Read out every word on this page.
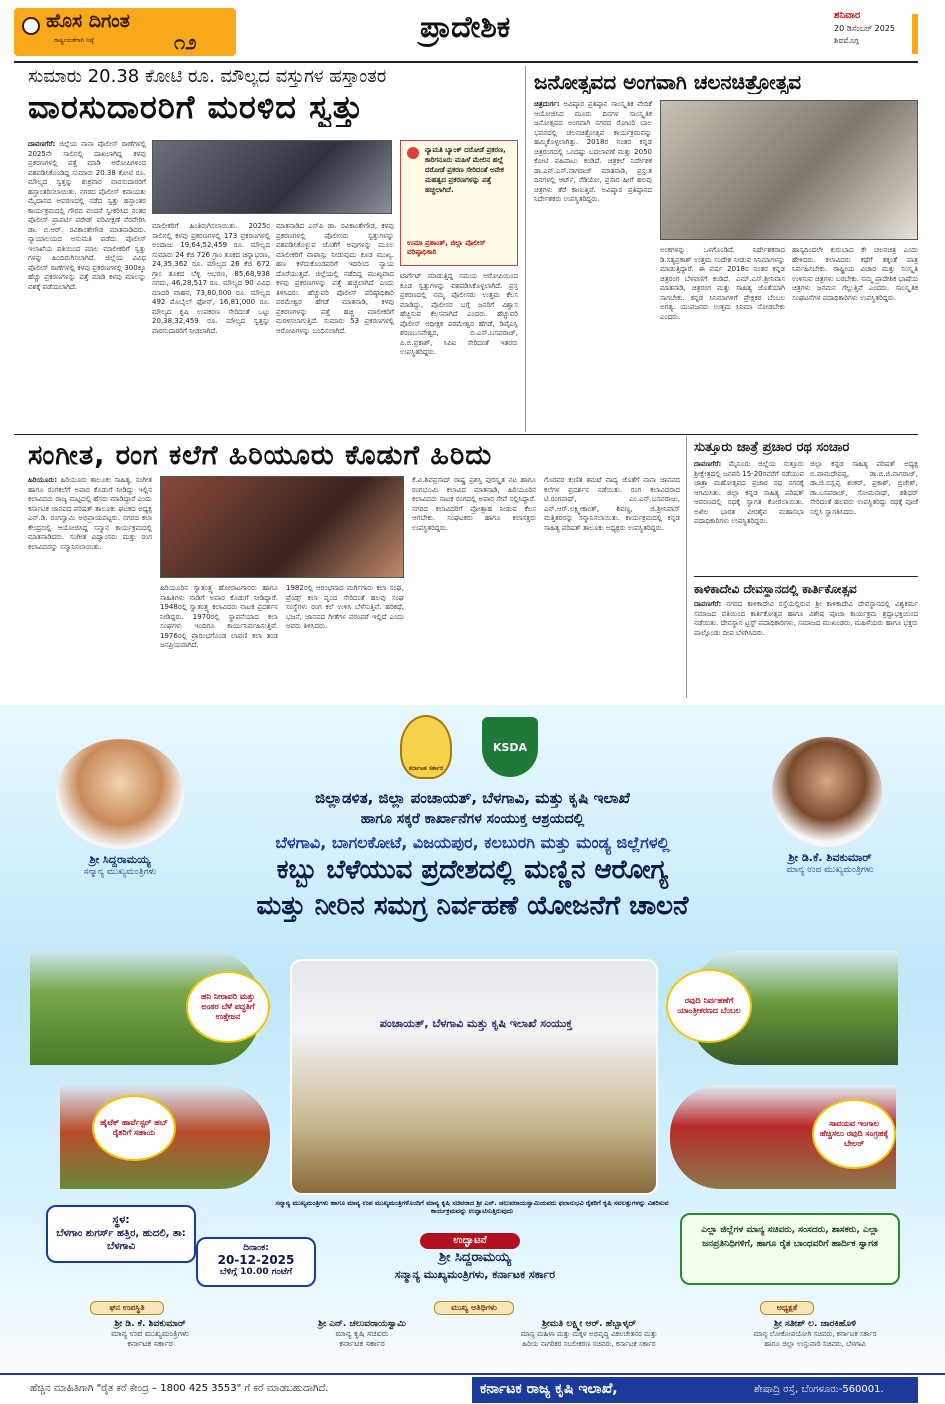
ಹೊಸ ದಿಗಂತ
ರಾಷ್ಟ್ರೀಯತೆಗಾಗಿ ನಿಷ್ಠೆ	೧೨	ಪ್ರಾದೇಶಿಕ	ಶನಿವಾರ
20 ಡಿಸೆಂಬರ್ 2025
ಶಿವಮೊಗ್ಗ
ಸುಮಾರು 20.38 ಕೋಟಿ ರೂ. ಮೌಲ್ಯದ ವಸ್ತುಗಳ ಹಸ್ತಾಂತರ
ವಾರಸುದಾರರಿಗೆ ಮರಳಿದ ಸ್ವತ್ತು
ದಾವಣಗೆರೆ: ಜಿಲ್ಲೆಯ ನಾನಾ ಪೊಲೀಸ್ ಠಾಣೆಗಳಲ್ಲಿ 2025ನೇ ಸಾಲಿನಲ್ಲಿ ದಾಖಲಾಗಿದ್ದ ಕಳವು ಪ್ರಕರಣಗಳಲ್ಲಿ ಪತ್ತೆ ಮಾಡಿ ಆರೋಪಿಗಳಿಂದ ವಶಪಡಿಸಿಕೊಂಡಿದ್ದ ಸುಮಾರು 20.38 ಕೋಟಿ ರೂ. ಮೌಲ್ಯದ ಸ್ವತ್ತನ್ನು ಶುಕ್ರವಾರ ವಾರಸುದಾರರಿಗೆ ಹಸ್ತಾಂತರಿಸಲಾಯಿತು. ನಗರದ ಪೊಲೀಸ್ ಕವಾಯತು ಮೈದಾನದ ಆವರಣದಲ್ಲಿ ನಡೆದ ಸ್ವತ್ತು ಹಸ್ತಾಂತರ ಕಾರ್ಯಕ್ರಮದಲ್ಲಿ ಗೌರವ ವಂದನೆ ಸ್ವೀಕರಿಸಿದ ನಂತರ ಪೊಲೀಸ್ ಪ್ರಾಪರ್ಟಿ ಪರೇಡ್ ಪರಿವೀಕ್ಷಣೆ ನೆರವೇರಿಸಿ ಡಾ. ಬಿ.ಆರ್. ರವಿಕಾಂತೇಗೌಡ ಮಾತನಾಡಿದರು. ನ್ಯಾಯಾಲಯದ ಅನುಮತಿ ಪಡೆದು ಪೊಲೀಸ್ ಇಲಾಖೆಯ ವತಿಯಿಂದ ಮಾಲ ಮಾಲೀಕರಿಗೆ ಸ್ವತ್ತು ಗಳನ್ನು ಹಿಂದಿರುಗಿಸಲಾಗಿದೆ. ಜಿಲ್ಲೆಯ ವಿವಿಧ ಪೊಲೀಸ್ ಠಾಣೆಗಳಲ್ಲಿ ಕಳವು ಪ್ರಕರಣಗಳಲ್ಲಿ 300ಕ್ಕೂ ಹೆಚ್ಚು ಪ್ರಕರಣಗಳನ್ನು ಪತ್ತೆ ಮಾಡಿ ಕಳವು ಮಾಲನ್ನು ವಶಕ್ಕೆ ಪಡೆಯಲಾಗಿದೆ.
ಮಾಲೀಕರಿಗೆ ಹಿಂತಿರುಗಿಸಲಾಯಿತು. 2025ರ ಸಾಲಿನಲ್ಲಿ ಕಳವು ಪ್ರಕರಣಗಳಲ್ಲಿ 173 ಪ್ರಕರಣಗಳಲ್ಲಿ ಅಂದಾಜು 19,64,52,459 ರೂ. ಮೌಲ್ಯದ ಸುಮಾರು 24 ಕೆಜಿ 726 ಗ್ರಾಂ ತೂಕದ ಚಿನ್ನಾಭರಣ, 24,35,362 ರೂ. ಮೌಲ್ಯದ 26 ಕೆಜಿ 672 ಗ್ರಾಂ ತೂಕದ ಬೆಳ್ಳಿ ಆಭರಣ, 85,68,938 ನಗದು, 46,28,517 ರೂ. ಮೌಲ್ಯದ 90 ವಿವಿಧ ಮಾದರಿ ವಾಹನ, 73,80,000 ರೂ. ಮೌಲ್ಯದ 492 ಮೊಬೈಲ್ ಫೋನ್, 16,81,000 ರೂ. ಮೌಲ್ಯದ ಕೃಷಿ ಉಪಕರಣ ಸೇರಿದಂತೆ ಒಟ್ಟು 20,38,32,459 ರೂ. ಮೌಲ್ಯದ ಸ್ವತ್ತನ್ನು ವಾರಸುದಾರರಿಗೆ ನೀಡಲಾಗಿದೆ.
ಮಾತನಾಡಿದ ಎಸ್‌ಪಿ ಡಾ. ರವಿಕಾಂತೇಗೌಡ, ಕಳವು ಪ್ರಕರಣಗಳಲ್ಲಿ ಪೊಲೀಸರು ಸ್ವತ್ತುಗಳನ್ನು ವಶಪಡಿಸಿಕೊಳ್ಳುವ ಜೊತೆಗೆ ಅವುಗಳನ್ನು ಮೂಲ ಮಾಲೀಕರಿಗೆ ವಾಪಾಸ್ಸು ನೀಡುವುದು ಕೂಡ ಮುಖ್ಯ. ಹಣ ಕಳೆದುಕೊಂಡವರಿಗೆ ಇದರಿಂದ ನ್ಯಾಯ ದೊರೆಯುತ್ತದೆ. ಜಿಲ್ಲೆಯಲ್ಲಿ ನಡೆದಿದ್ದ ಮುಖ್ಯವಾದ ಕಳವು ಪ್ರಕರಣಗಳನ್ನು ಪತ್ತೆ ಹಚ್ಚಲಾಗಿದೆ ಎಂದು ತಿಳಿಸಿದರು. ಹೆಚ್ಚುವರಿ ಪೊಲೀಸ್ ವರಿಷ್ಠಾಧಿಕಾರಿ ಪರಮೇಶ್ವರ ಹೆಗಡೆ ಮಾತನಾಡಿ, ಕಳವು ಪ್ರಕರಣಗಳನ್ನು ಪತ್ತೆ ಹಚ್ಚಿ ಮಾಲೀಕರಿಗೆ ಮರಳಿಸಲಾಗುತ್ತಿದೆ. ಸುಮಾರು 53 ಪ್ರಕರಣಗಳಲ್ಲಿ ಆರೋಪಿಗಳನ್ನು ಬಂಧಿಸಲಾಗಿದೆ.
ನ್ಯಾಮತಿ ಬ್ಯಾಂಕ್ ದರೋಡೆ ಪ್ರಕರಣ, ಕಾರಿಗನೂರು ಮಹಿಳೆ ಮೇಲಿನ ಹಲ್ಲೆ ದರೋಡೆ ಪ್ರಕರಣ ಸೇರಿದಂತೆ ಅನೇಕ ಮಹತ್ವದ ಪ್ರಕರಣಗಳನ್ನು ಪತ್ತೆ ಹಚ್ಚಲಾಗಿದೆ.
ಉಮಾ ಪ್ರಶಾಂತ್, ಜಿಲ್ಲಾ ಪೊಲೀಸ್ ವರಿಷ್ಠಾಧಿಕಾರಿ
ಟಾರ್ಗೆಟ್ ಮಾಡುತ್ತಿದ್ದ ಸಮಯ ಆರೋಪಿಯಿಂದ ಕೂಡ ಸ್ವತ್ತುಗಳನ್ನು ವಶಪಡಿಸಿಕೊಳ್ಳಲಾಗಿದೆ. ಪ್ರಸ್ತ ಪ್ರಕರಣದಲ್ಲಿ ನಮ್ಮ ಪೊಲೀಸರು ಉತ್ತಮ ಕೆಲಸ ಮಾಡಿದ್ದು, ಪೊಲೀಸರ ಬಗ್ಗೆ ಜನರಿಗೆ ವಿಶ್ವಾಸ ಹೆಚ್ಚಿಸುವ ಕೆಲಸವಾಗಿದೆ ಎಂದರು. ಹೆಚ್ಚುವರಿ ಪೊಲೀಸ್ ಅಧೀಕ್ಷಕ ಪರಮೇಶ್ವರ ಹೆಗಡೆ, ಡಿವೈಎಸ್ಪಿ ಶರಣಬಸವೇಶ್ವರ, ಬಿ.ಎಸ್.ಬಸವರಾಜ್, ಪಿ.ಬಿ.ಪ್ರಕಾಶ್, ಸಿಪಿಐ ಸೇರಿದಂತೆ ಇತರರು ಉಪಸ್ಥಿತರಿದ್ದರು.
ಜನೋತ್ಸವದ ಅಂಗವಾಗಿ ಚಲನಚಿತ್ರೋತ್ಸವ
ಚಿತ್ರದುರ್ಗ: ಅವಿಷ್ಕಾರ ಪ್ರತಿಷ್ಠಾನ ಸಾಂಸ್ಕೃತಿಕ ವೇದಿಕೆ ಆಯೋಜಿಸಿದ ಮೂರು ದಿನಗಳ ಸಾಂಸ್ಕೃತಿಕ ಜನೋತ್ಸವದ ಅಂಗವಾಗಿ ನಗರದ ರೋಟರಿ ಬಾಲ ಭವನದಲ್ಲಿ ಚಲನಚಿತ್ರೋತ್ಸವ ಕಾರ್ಯಕ್ರಮವನ್ನು ಹಮ್ಮಿಕೊಳ್ಳಲಾಗಿತ್ತು. 2018ರ ನಂತರ ಕನ್ನಡ ಚಿತ್ರರಂಗದಲ್ಲಿ ಒಂದಷ್ಟು ಬದಲಾವಣೆ ಮತ್ತು 2050 ಕೋಟಿ ವಹಿವಾಟು ಕಂಡಿದೆ. ಚಿತ್ರಕಲೆ ನಿರ್ದೇಶಕ ಡಾ.ಎನ್.ಎಸ್.ನಾಗರಾಜ್ ಮಾತನಾಡಿ, ಪ್ರಸ್ತುತ ದಿನಗಳಲ್ಲಿ ಆರ್ಟ್, ರೆಡಿಯೋ, ಪ್ರಸಾರ ಹೀಗೆ ಹಲವು ಚಿತ್ರಗಳು ತೆರೆ ಕಾಣುತ್ತಿವೆ. ಅವಿಷ್ಕಾರ ಪ್ರತಿಷ್ಠಾನದ ನಿರ್ದೇಶಕರು ಉಪಸ್ಥಿತರಿದ್ದರು.
ಅಂಕಗಳನ್ನು ಒಳಗೊಂಡಿದೆ. ನಿರ್ದೇಶಕರಾದ ಡಿ.ಸತ್ಯಪ್ರಕಾಶ್ ಉತ್ತಮ ಸಂದೇಶ ನೀಡುವ ಸಿನಿಮಾಗಳನ್ನು ಮಾಡುತ್ತಿದ್ದಾರೆ. ಈ ವರ್ಷ 2018ರ ನಂತರ ಕನ್ನಡ ಚಿತ್ರರಂಗ ಬೆಳವಣಿಗೆ ಕಂಡಿದೆ. ಎಮ್.ಎಸ್.ಶ್ರೀನಿವಾಸ ಮಾತನಾಡಿ, ಚಿತ್ರರಂಗ ಮತ್ತು ಸಾಹಿತ್ಯ ಜೊತೆಯಾಗಿ ಸಾಗಬೇಕು. ಕನ್ನಡ ಸಿನಿಮಾಗಳಿಗೆ ಪ್ರೇಕ್ಷಕರ ಬೆಂಬಲ ಅಗತ್ಯ. ಯುವಜನರು ಉತ್ತಮ ಸಿನಿಮಾ ನೋಡಬೇಕು ಎಂದರು.
ಹಾಸ್ಯದಿಂದಲೇ ಕುರುಬಾದ ಕೇ ಚಲನಚಿತ್ರ ಎಂದು ಹೇಳಿದರು. ಕಲಾವಿದರು ಕಥೆಗೆ ತಕ್ಕಂತೆ ಪಾತ್ರ ನಿರ್ವಹಿಸಬೇಕು. ರಾಷ್ಟ್ರೀಯ ವಿಚಾರ ಮತ್ತು ಸಂಸ್ಕೃತಿ ಉಳಿಸುವ ಚಿತ್ರಗಳು ಬರಬೇಕು. ನಮ್ಮ ಪ್ರಾದೇಶಿಕ ಭಾಷೆಯ ಚಿತ್ರಗಳು ಜನಮನ ಗೆಲ್ಲುತ್ತಿವೆ ಎಂದರು. ಸಾಂಸ್ಕೃತಿಕ ಸಂಘಟನೆಗಳ ಪದಾಧಿಕಾರಿಗಳು ಉಪಸ್ಥಿತರಿದ್ದರು.
ಸಂಗೀತ, ರಂಗ ಕಲೆಗೆ ಹಿರಿಯೂರು ಕೊಡುಗೆ ಹಿರಿದು
ಹಿರಿಯೂರು: ಹಿರಿಯೂರು ತಾಲೂಕು ಸಾಹಿತ್ಯ, ಸಂಗೀತ ಹಾಗೂ ರಂಗಕಲೆಗೆ ಅಪಾರ ಕೊಡುಗೆ ನೀಡಿದ್ದು ಇಲ್ಲಿನ ಕಲಾವಿದರು ರಾಜ್ಯ ಮಟ್ಟದಲ್ಲಿ ಹೆಸರು ಮಾಡಿದ್ದಾರೆ ಎಂದು ಕರ್ನಾಟಕ ಜಾನಪದ ಪರಿಷತ್ ತಾಲೂಕು ಘಟಕದ ಅಧ್ಯಕ್ಷ ಎನ್.ಡಿ. ರಂಗಸ್ವಾಮಿ ಅಭಿಪ್ರಾಯಪಟ್ಟರು. ನಗರದ ಕಲಾ ಕೇಂದ್ರದಲ್ಲಿ ಆಯೋಜಿಸಿದ್ದ ಸನ್ಮಾನ ಕಾರ್ಯಕ್ರಮದಲ್ಲಿ ಮಾತನಾಡಿದರು. ಸಂಗೀತ ವಿದ್ವಾಂಸರು ಮತ್ತು ರಂಗ ಕಲಾವಿದರನ್ನು ಸನ್ಮಾನಿಸಲಾಯಿತು.
ಹಿರಿಯೂರಿನ ಸ್ವಾತಂತ್ರ್ಯ ಹೋರಾಟಗಾರರು ಹಾಗೂ ಸಾಹಿತಿಗಳು ನಾಡಿಗೆ ಅಪಾರ ಕೊಡುಗೆ ನೀಡಿದ್ದಾರೆ. 1948ರಲ್ಲಿ ಸ್ವಾತಂತ್ರ್ಯ ಕಲಾವಿದರು ನಾಟಕ ಪ್ರದರ್ಶನ ನೀಡಿದ್ದರು. 1970ರಲ್ಲಿ ಸ್ಥಾಪನೆಯಾದ ಕಲಾ ಸಂಘಗಳು ಇಂದಿಗೂ ಕಾರ್ಯನಿರ್ವಹಿಸುತ್ತಿವೆ. 1976ರಲ್ಲಿ ಪ್ರಾರಂಭಗೊಂಡ ಲಾವಣಿ ಕಲಾ ತಂಡ ಜನಪ್ರಿಯವಾಗಿದೆ.
1982ರಲ್ಲಿ ಆರಂಭವಾದ ಮರ್ಗಿಗಾರು ಕಲಾ ಸಂಘ, ಪ್ರೆಂಡ್ಸ್ ಕಲಾ ವೃಂದ ಸೇರಿದಂತೆ ಹಲವು ಸಂಘ ಸಂಸ್ಥೆಗಳು ರಂಗ ಕಲೆ ಉಳಿಸಿ ಬೆಳೆಸುತ್ತಿವೆ. ಹರಿಕಥೆ, ಭಜನೆ, ಜಾನಪದ ಗೀತೆಗಳ ಪರಂಪರೆ ಇಲ್ಲಿದೆ ಎಂದು ಅವರು ತಿಳಿಸಿದರು.
ಕೆ.ವಿ.ಶಿವಪ್ರಸಾದ್ ರಾಷ್ಟ್ರ ಪ್ರಶಸ್ತಿ ಪುರಸ್ಕೃತ ನಟ ಹಾಗೂ ರಂಗಭೂಮಿ ಕಲಾವಿದ ಮಾತನಾಡಿ, ಹಿರಿಯೂರಿನ ಕಲಾವಿದರು ನಾಟಕ ರಂಗದಲ್ಲಿ ಅಪಾರ ಸೇವೆ ಸಲ್ಲಿಸಿದ್ದಾರೆ. ನಗರದ ಕಲಾವಿದರಿಗೆ ಪ್ರೋತ್ಸಾಹ ನೀಡುವ ಕೆಲಸ ಆಗಬೇಕು. ಸಂಘಟಕರು ಹಾಗೂ ಕಲಾಸಕ್ತರು ಉಪಸ್ಥಿತರಿದ್ದರು.
ಗೊರವರ ಕುಣಿತ ತಮಟೆ ವಾದ್ಯ ಜೊತೆಗೆ ನಾನಾ ಜಾನಪದ ಕಲೆಗಳ ಪ್ರದರ್ಶನ ನಡೆಯಿತು. ರಂಗ ಕಲಾವಿದರಾದ ಟಿ.ರಂಗನಾಥ್, ಎಂ.ಎಸ್.ಬಸವರಾಜು, ಎನ್.ಆರ್.ಲಕ್ಷ್ಮೀಕಾಂತ್, ಶಿವಣ್ಣ, ಜಿ.ಶ್ರೀನಿವಾಸ್ ಮತ್ತಿತರರನ್ನು ಸನ್ಮಾನಿಸಲಾಯಿತು. ಕಾರ್ಯಕ್ರಮದಲ್ಲಿ ಕನ್ನಡ ಸಾಹಿತ್ಯ ಪರಿಷತ್ ತಾಲೂಕು ಅಧ್ಯಕ್ಷರು ಉಪಸ್ಥಿತರಿದ್ದರು.
ಸುತ್ತೂರು ಜಾತ್ರೆ ಪ್ರಚಾರ ರಥ ಸಂಚಾರ
ದಾವಣಗೆರೆ: ಮೈಸೂರು ಜಿಲ್ಲೆಯ ಸುತ್ತೂರು ಶ್ರೀಕ್ಷೇತ್ರದಲ್ಲಿ ಜನವರಿ 15-20ರವರೆಗೆ ನಡೆಯುವ ಜಾತ್ರಾ ಮಹೋತ್ಸವದ ಪ್ರಚಾರ ರಥ ನಗರಕ್ಕೆ ಆಗಮಿಸಿತು. ಜಿಲ್ಲಾ ಕನ್ನಡ ಸಾಹಿತ್ಯ ಪರಿಷತ್ ಆವರಣದಲ್ಲಿ ರಥಕ್ಕೆ ಸ್ವಾಗತ ಕೋರಲಾಯಿತು. ಅಖಿಲ ಭಾರತ ವೀರಶೈವ ಮಹಾಸಭಾ ಪದಾಧಿಕಾರಿಗಳು ಉಪಸ್ಥಿತರಿದ್ದರು.
ಜಿಲ್ಲಾ ಕನ್ನಡ ಸಾಹಿತ್ಯ ಪರಿಷತ್ ಅಧ್ಯಕ್ಷ ಬಿ.ವಾಮದೇವಪ್ಪ, ಡಾ.ಬಿ.ಜಿ.ನಾಗರಾಜ್, ಡಾ.ಜಿ.ಬಿಸ್ಲಪ್ಪ ಶಂಕರ್, ಪ್ರಕಾಶ್, ಬ್ರಿಜೇಶ್, ಡಾ.ಬಸವರಾಜ್, ಸೋಮನಾಥ್, ಶಶಿಧರ್ ಸೇರಿದಂತೆ ಹಲವರು ಉಪಸ್ಥಿತರಿದ್ದು ರಥಕ್ಕೆ ಪೂಜೆ ಸಲ್ಲಿಸಿ ಸ್ವಾಗತಿಸಿದರು.
ಕಾಳಿಕಾದೇವಿ ದೇವಸ್ಥಾನದಲ್ಲಿ ಕಾರ್ತಿಕೋತ್ಸವ
ದಾವಣಗೆರೆ: ನಗರದ ಕಾಳಿಕಾದೇವಿ ರಸ್ತೆಯಲ್ಲಿರುವ ಶ್ರೀ ಕಾಳಿಕಾದೇವಿ ದೇವಸ್ಥಾನದಲ್ಲಿ ವಿಶ್ವಕರ್ಮ ಸಮಾಜದ ವತಿಯಿಂದ ಕಾರ್ತಿಕೋತ್ಸವ ಹಾಗೂ ವಿಶೇಷ ಪೂಜಾ ಕಾರ್ಯಕ್ರಮ ಶ್ರದ್ಧಾಭಕ್ತಿಯಿಂದ ನಡೆಯಿತು. ದೇವಸ್ಥಾನ ಟ್ರಸ್ಟ್ ಪದಾಧಿಕಾರಿಗಳು, ಸಮಾಜದ ಮುಖಂಡರು, ಮಹಿಳೆಯರು ಹಾಗೂ ಭಕ್ತರು ಪಾಲ್ಗೊಂಡು ದೀಪ ಬೆಳಗಿಸಿದರು.
ಶ್ರೀ ಸಿದ್ದರಾಮಯ್ಯ
ಸನ್ಮಾನ್ಯ ಮುಖ್ಯಮಂತ್ರಿಗಳು
ಶ್ರೀ ಡಿ.ಕೆ. ಶಿವಕುಮಾರ್
ಮಾನ್ಯ ಉಪ ಮುಖ್ಯಮಂತ್ರಿಗಳು
ಕರ್ನಾಟಕ ಸರ್ಕಾರ
KSDA
ಜಿಲ್ಲಾಡಳಿತ, ಜಿಲ್ಲಾ ಪಂಚಾಯತ್, ಬೆಳಗಾವಿ, ಮತ್ತು ಕೃಷಿ ಇಲಾಖೆ
ಹಾಗೂ ಸಕ್ಕರೆ ಕಾರ್ಖಾನೆಗಳ ಸಂಯುಕ್ತ ಆಶ್ರಯದಲ್ಲಿ
ಬೆಳಗಾವಿ, ಬಾಗಲಕೋಟೆ, ವಿಜಯಪುರ, ಕಲಬುರಗಿ ಮತ್ತು ಮಂಡ್ಯ ಜಿಲ್ಲೆಗಳಲ್ಲಿ
ಕಬ್ಬು ಬೆಳೆಯುವ ಪ್ರದೇಶದಲ್ಲಿ ಮಣ್ಣಿನ ಆರೋಗ್ಯ
ಮತ್ತು ನೀರಿನ ಸಮಗ್ರ ನಿರ್ವಹಣೆ ಯೋಜನೆಗೆ ಚಾಲನೆ
ಹನಿ ನೀರಾವರಿ ಮತ್ತು ಅಂತರ ಬೆಳೆ ಪದ್ಧತಿಗೆ ಉತ್ತೇಜನ
ಹೈಟೆಕ್ ಹಾರ್ವೆಸ್ಟರ್ ಹಬ್ ರೈತರಿಗೆ ಸಹಾಯ
ರವುದಿ ನಿರ್ವಹಣೆಗೆ ಯಾಂತ್ರೀಕರಣದ ಬೆಂಬಲ
ಸಾವಯವ ಇಂಗಾಲ ಹೆಚ್ಚಿಸಲು ರವುದಿ ಸಂಗ್ರಹಕ್ಕೆ ಬೇಲರ್
ಪಂಚಾಯತ್, ಬೆಳಗಾವಿ ಮತ್ತು ಕೃಷಿ ಇಲಾಖೆ ಸಂಯುಕ್ತ
ಸನ್ಮಾನ್ಯ ಮುಖ್ಯಮಂತ್ರಿಗಳು ಹಾಗೂ ಮಾನ್ಯ ಉಪ ಮುಖ್ಯಮಂತ್ರಿಗಳೊಂದಿಗೆ ಮಾನ್ಯ ಕೃಷಿ ಸಚಿವರಾದ ಶ್ರೀ ಎನ್. ಚಲುವರಾಯಸ್ವಾಮಿಯವರು ಫಲಾನುಭವಿ ರೈತರಿಗೆ ಕೃಷಿ ಸವಲತ್ತುಗಳನ್ನು ವಿತರಿಸುವ ಕಾರ್ಯಕ್ರಮವನ್ನು ಉದ್ಘಾಟಿಸುತ್ತಿರುವುದು
ಸ್ಥಳ:
ಬೆಳಗಾಂ ಶುಗರ್ಸ್ ಹತ್ತಿರ, ಹುದಲಿ, ತಾ: ಬೆಳಗಾವಿ	ದಿನಾಂಕ:
20-12-2025
ಬೆಳಿಗ್ಗೆ 10.00 ಗಂಟೆಗೆ
ಉದ್ಘಾಟನೆ
ಶ್ರೀ ಸಿದ್ದರಾಮಯ್ಯ
ಸನ್ಮಾನ್ಯ ಮುಖ್ಯಮಂತ್ರಿಗಳು, ಕರ್ನಾಟಕ ಸರ್ಕಾರ
ಎಲ್ಲಾ ಜಿಲ್ಲೆಗಳ ಮಾನ್ಯ ಸಚಿವರು, ಸಂಸದರು, ಶಾಸಕರು, ಎಲ್ಲಾ ಜನಪ್ರತಿನಿಧಿಗಳಿಗೆ, ಹಾಗೂ ರೈತ ಬಾಂಧವರಿಗೆ ಹಾರ್ದಿಕ ಸ್ವಾಗತ
ಘನ ಉಪಸ್ಥಿತಿ	ಮುಖ್ಯ ಅತಿಥಿಗಳು	ಅಧ್ಯಕ್ಷತೆ
ಶ್ರೀ ಡಿ. ಕೆ. ಶಿವಕುಮಾರ್
ಮಾನ್ಯ ಉಪ ಮುಖ್ಯಮಂತ್ರಿಗಳು
ಕರ್ನಾಟಕ ಸರ್ಕಾರ
ಶ್ರೀ ಎನ್. ಚಲುವರಾಯಸ್ವಾಮಿ
ಮಾನ್ಯ ಕೃಷಿ ಸಚಿವರು
ಕರ್ನಾಟಕ ಸರ್ಕಾರ
ಶ್ರೀಮತಿ ಲಕ್ಷ್ಮೀ ಆರ್. ಹೆಬ್ಬಾಳ್ಕರ್
ಮಾನ್ಯ ಮಹಿಳಾ ಮತ್ತು ಮಕ್ಕಳ ಅಭಿವೃದ್ಧಿ ವಿಕಲಚೇತನರ ಮತ್ತು
ಹಿರಿಯ ನಾಗರಿಕರ ಸಬಲೀಕರಣ ಸಚಿವರು, ಕರ್ನಾಟಕ ಸರ್ಕಾರ
ಶ್ರೀ ಸತೀಶ್ ಲ. ಜಾರಕಿಹೊಳಿ
ಮಾನ್ಯ ಲೋಕೋಪಯೋಗಿ ಸಚಿವರು, ಕರ್ನಾಟಕ ಸರ್ಕಾರ
ಹಾಗೂ ಜಿಲ್ಲಾ ಉಸ್ತುವಾರಿ ಸಚಿವರು, ಬೆಳಗಾವಿ
ಹೆಚ್ಚಿನ ಮಾಹಿತಿಗಾಗಿ "ರೈತ ಕರೆ ಕೇಂದ್ರ – 1800 425 3553" ಗೆ ಕರೆ ಮಾಡಬಹುದಾಗಿದೆ.	ಕರ್ನಾಟಕ ರಾಜ್ಯ ಕೃಷಿ ಇಲಾಖೆ,	ಶೇಷಾದ್ರಿ ರಸ್ತೆ, ಬೆಂಗಳೂರು-560001.
